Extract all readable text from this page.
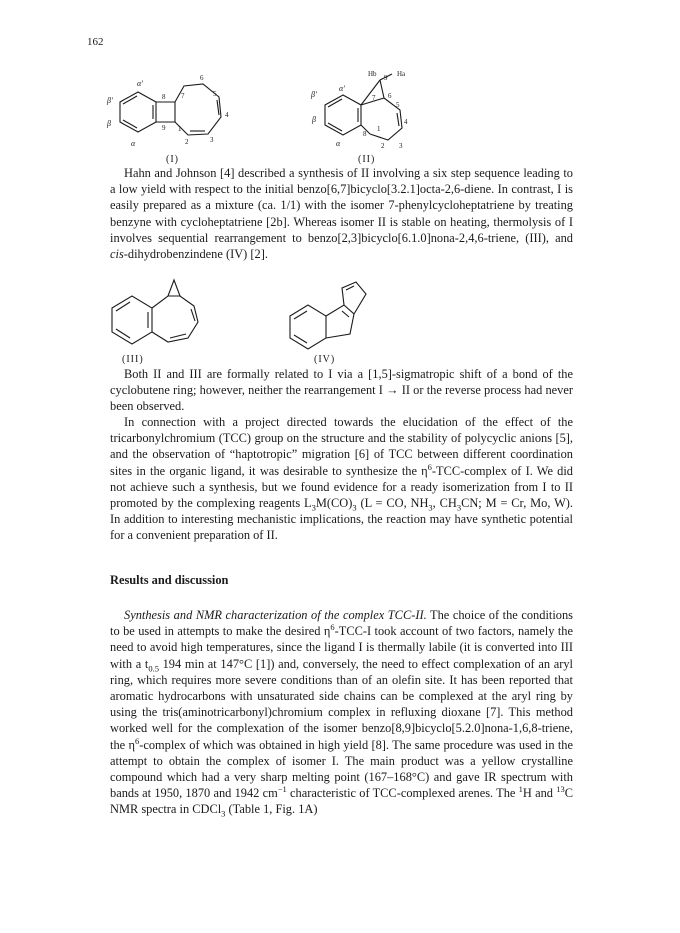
162
α'
β'
β
α
8
9
7
6
5
4
3
2
1
Hb	Ha
9
β'
α'
7 6
5
4
β
α
8
1
2 3
(I)	(II)
(III)	(IV)

Hahn and Johnson [4] described a synthesis of II involving a six step sequence leading to a low yield with respect to the initial benzo[6,7]bicyclo[3.2.1]octa-2,6-diene. In contrast, I is easily prepared as a mixture (ca. 1/1) with the isomer 7-phenylcycloheptatriene by treating benzyne with cycloheptatriene [2b]. Whereas isomer II is stable on heating, thermolysis of I involves sequential rearrangement to benzo[2,3]bicyclo[6.1.0]nona-2,4,6-triene, (III), and cis-dihydrobenzindene (IV) [2].

Both II and III are formally related to I via a [1,5]-sigmatropic shift of a bond of the cyclobutene ring; however, neither the rearrangement I → II or the reverse process had never been observed.

In connection with a project directed towards the elucidation of the effect of the tricarbonylchromium (TCC) group on the structure and the stability of polycyclic anions [5], and the observation of “haptotropic” migration [6] of TCC between different coordination sites in the organic ligand, it was desirable to synthesize the $\eta^6-TCC$-complex of I. We did not achieve such a synthesis, but we found evidence for a ready isomerization from I to II promoted by the complexing reagents $L_3M(CO)_3$ (L = CO, $NH_3$, $CH_3CN$; M = Cr, Mo, W). In addition to interesting mechanistic implications, the reaction may have synthetic potential for a convenient preparation of II.

Results and discussion

Synthesis and NMR characterization of the complex TCC-II. The choice of the conditions to be used in attempts to make the desired $\eta^6-TCC-I$ took account of two factors, namely the need to avoid high temperatures, since the ligand I is thermally labile (it is converted into III with a $t_{0.5}$ 194 min at 147°C [1]) and, conversely, the need to effect complexation of an aryl ring, which requires more severe conditions than of an olefin site. It has been reported that aromatic hydrocarbons with unsaturated side chains can be complexed at the aryl ring by using the tris(aminotricarbonyl)chromium complex in refluxing dioxane [7]. This method worked well for the complexation of the isomer benzo[8,9]bicyclo[5.2.0]nona-1,6,8-triene, the $\eta^6$-complex of which was obtained in high yield [8]. The same procedure was used in the attempt to obtain the complex of isomer I. The main product was a yellow crystalline compound which had a very sharp melting point (167–168°C) and gave IR spectrum with bands at 1950, 1870 and 1942 $cm^{-1}$ characteristic of TCC-complexed arenes. The $^1$H and $^{13}$C NMR spectra in CDCl$_3$ (Table 1, Fig. 1A)
